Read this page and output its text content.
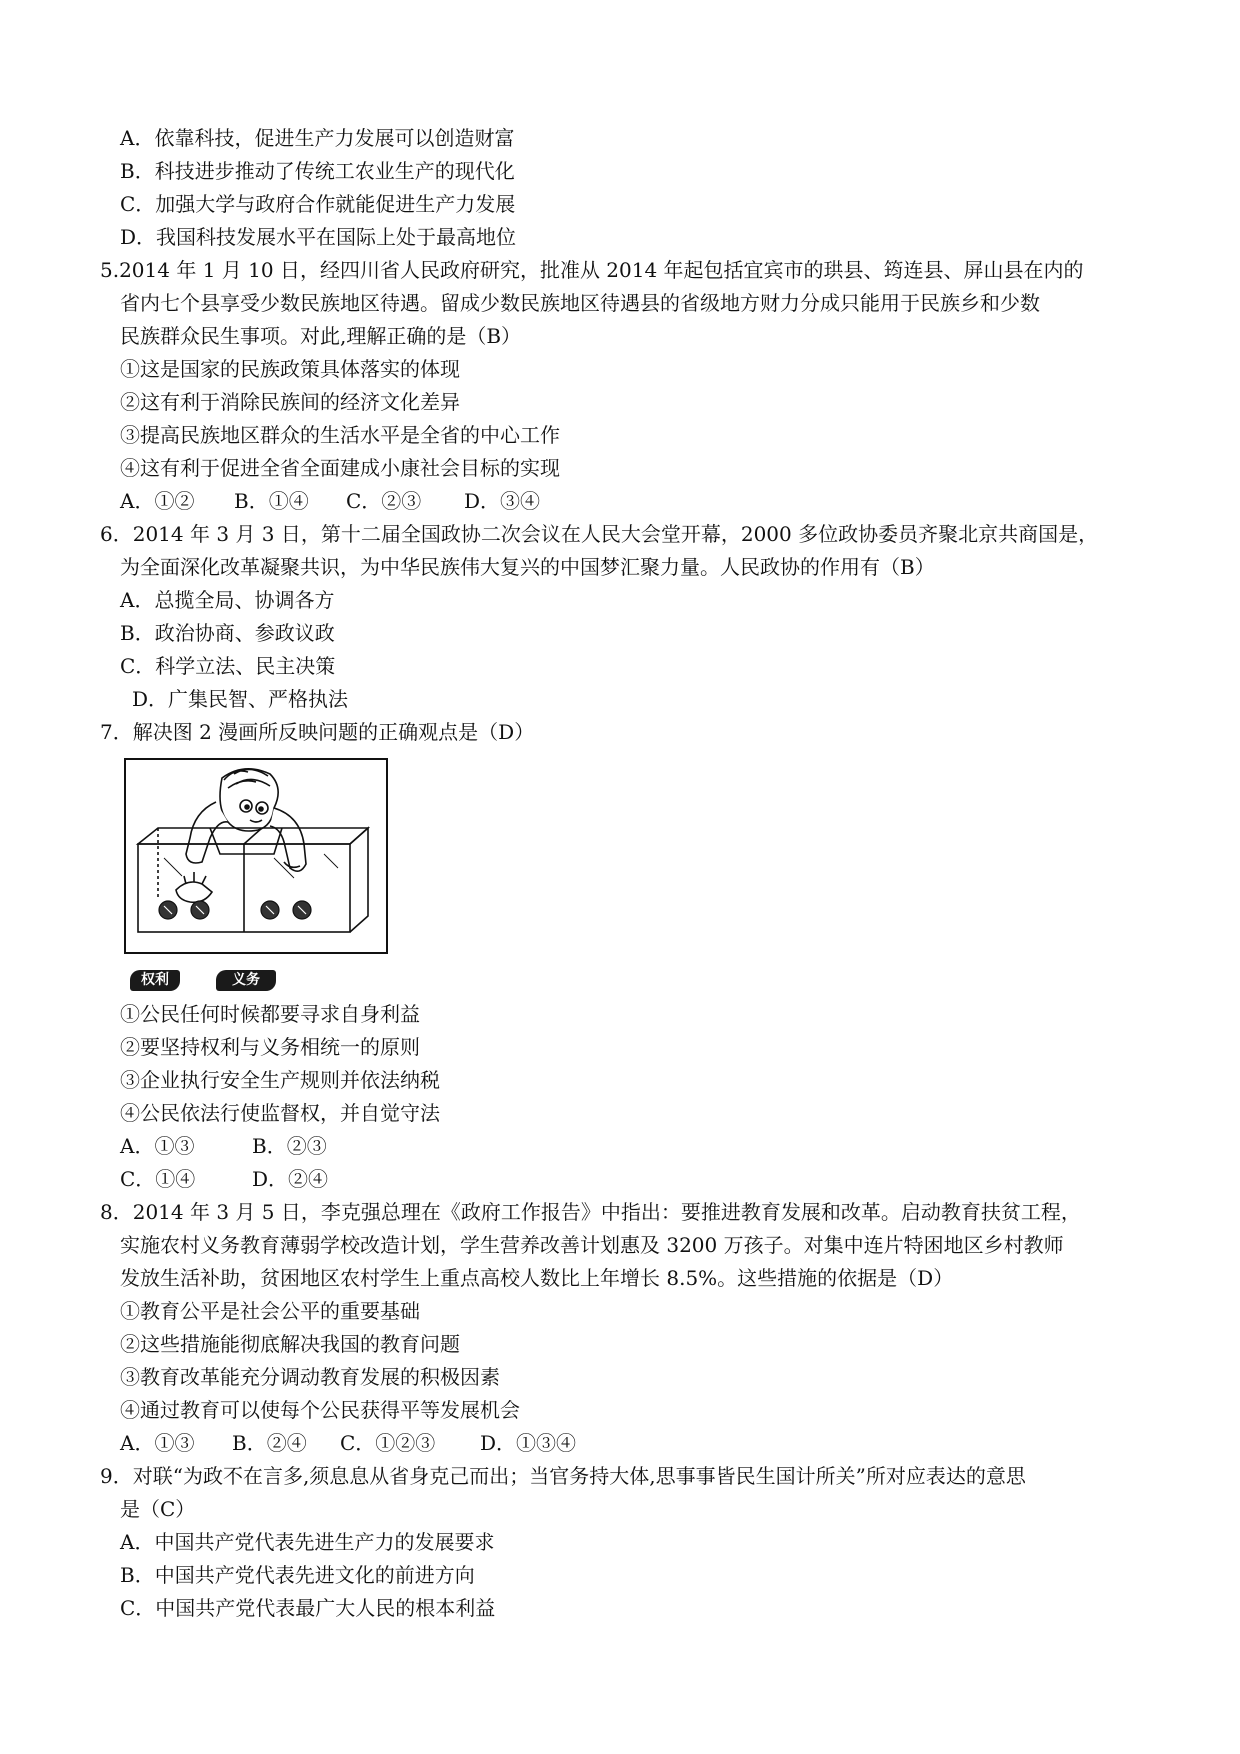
A．依靠科技，促进生产力发展可以创造财富
B．科技进步推动了传统工农业生产的现代化
C．加强大学与政府合作就能促进生产力发展
D．我国科技发展水平在国际上处于最高地位
5.2014 年 1 月 10 日，经四川省人民政府研究，批准从 2014 年起包括宜宾市的珙县、筠连县、屏山县在内的
省内七个县享受少数民族地区待遇。留成少数民族地区待遇县的省级地方财力分成只能用于民族乡和少数
民族群众民生事项。对此,理解正确的是（B）
①这是国家的民族政策具体落实的体现
②这有利于消除民族间的经济文化差异
③提高民族地区群众的生活水平是全省的中心工作
④这有利于促进全省全面建成小康社会目标的实现
A．①② B．①④ C．②③ D．③④
6．2014 年 3 月 3 日，第十二届全国政协二次会议在人民大会堂开幕，2000 多位政协委员齐聚北京共商国是，
为全面深化改革凝聚共识，为中华民族伟大复兴的中国梦汇聚力量。人民政协的作用有（B）
A．总揽全局、协调各方
B．政治协商、参政议政
C．科学立法、民主决策
D．广集民智、严格执法
7．解决图 2 漫画所反映问题的正确观点是（D）
权利	义务
①公民任何时候都要寻求自身利益
②要坚持权利与义务相统一的原则
③企业执行安全生产规则并依法纳税
④公民依法行使监督权，并自觉守法
A．①③	B．②③
C．①④	D．②④
8．2014 年 3 月 5 日，李克强总理在《政府工作报告》中指出：要推进教育发展和改革。启动教育扶贫工程，
实施农村义务教育薄弱学校改造计划，学生营养改善计划惠及 3200 万孩子。对集中连片特困地区乡村教师
发放生活补助，贫困地区农村学生上重点高校人数比上年增长 8.5%。这些措施的依据是（D）
①教育公平是社会公平的重要基础
②这些措施能彻底解决我国的教育问题
③教育改革能充分调动教育发展的积极因素
④通过教育可以使每个公民获得平等发展机会
A．①③ B．②④ C．①②③ D．①③④
9．对联“为政不在言多,须息息从省身克己而出；当官务持大体,思事事皆民生国计所关”所对应表达的意思
是（C）
A．中国共产党代表先进生产力的发展要求
B．中国共产党代表先进文化的前进方向
C．中国共产党代表最广大人民的根本利益
